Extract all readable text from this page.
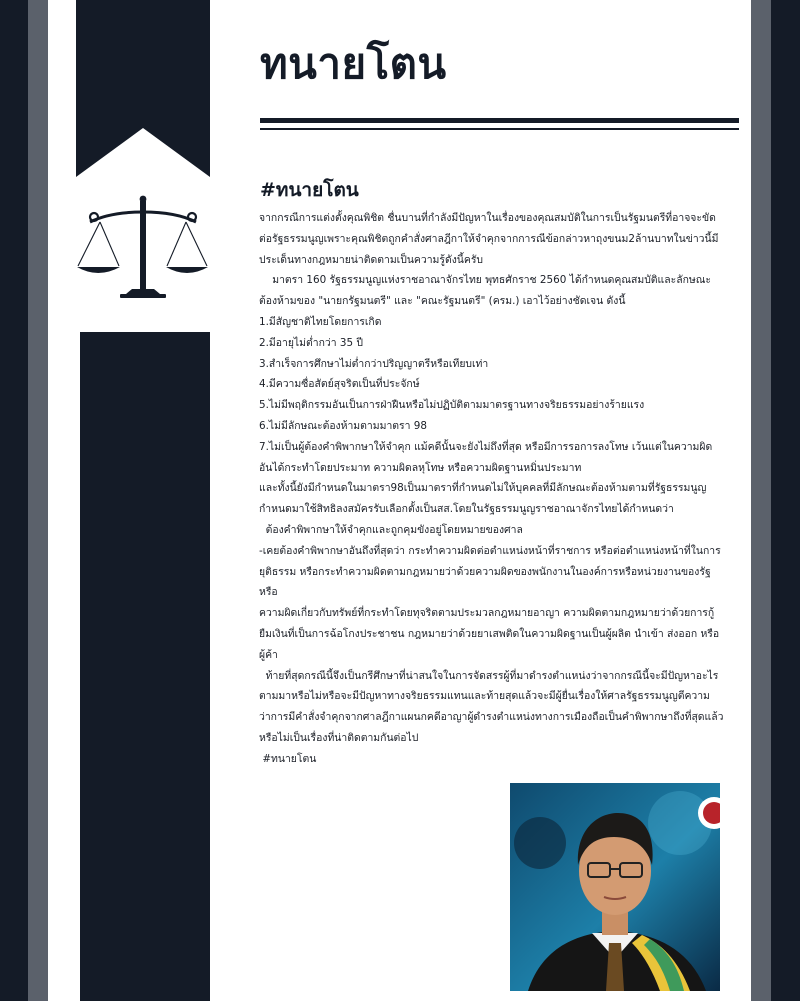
ทนายโตน
#ทนายโตน

จากกรณีการแต่งตั้งคุณพิชิต ชื่นบานที่กำลังมีปัญหาในเรื่องของคุณสมบัติในการเป็นรัฐมนตรีที่อาจจะขัดต่อรัฐธรรมนูญเพราะคุณพิชิตถูกคำสั่งศาลฎีกาให้จำคุกจากการณีข้อกล่าวหาถุงขนม2ล้านบาทในข่าวนี้มีประเด็นทางกฎหมายน่าติดตามเป็นความรู้ดังนี้ครับ

มาตรา 160 รัฐธรรมนูญแห่งราชอาณาจักรไทย พุทธศักราช 2560 ได้กำหนดคุณสมบัติและลักษณะต้องห้ามของ "นายกรัฐมนตรี" และ "คณะรัฐมนตรี" (ครม.) เอาไว้อย่างชัดเจน ดังนี้

1.มีสัญชาติไทยโดยการเกิด

2.มีอายุไม่ต่ำกว่า 35 ปี

3.สำเร็จการศึกษาไม่ต่ำกว่าปริญญาตรีหรือเทียบเท่า

4.มีความซื่อสัตย์สุจริตเป็นที่ประจักษ์

5.ไม่มีพฤติกรรมอันเป็นการฝ่าฝืนหรือไม่ปฏิบัติตามมาตรฐานทางจริยธรรมอย่างร้ายแรง

6.ไม่มีลักษณะต้องห้ามตามมาตรา 98

7.ไม่เป็นผู้ต้องคำพิพากษาให้จำคุก แม้คดีนั้นจะยังไม่ถึงที่สุด หรือมีการรอการลงโทษ เว้นแต่ในความผิดอันได้กระทำโดยประมาท ความผิดลหุโทษ หรือความผิดฐานหมิ่นประมาท

และทั้งนี้ยังมีกำหนดในมาตรา98เป็นมาตราที่กำหนดไม่ให้บุคคลที่มีลักษณะต้องห้ามตามที่รัฐธรรมนูญกำหนดมาใช้สิทธิลงสมัครรับเลือกตั้งเป็นสส.โดยในรัฐธรรมนูญราชอาณาจักรไทยได้กำหนดว่า

ต้องคำพิพากษาให้จำคุกและถูกคุมขังอยู่โดยหมายของศาล

-เคยต้องคำพิพากษาอันถึงที่สุดว่า กระทำความผิดต่อตำแหน่งหน้าที่ราชการ หรือต่อตำแหน่งหน้าที่ในการยุติธรรม หรือกระทำความผิดตามกฎหมายว่าด้วยความผิดของพนักงานในองค์การหรือหน่วยงานของรัฐ หรือ

ความผิดเกี่ยวกับทรัพย์ที่กระทำโดยทุจริตตามประมวลกฎหมายอาญา ความผิดตามกฎหมายว่าด้วยการกู้ยืมเงินที่เป็นการฉ้อโกงประชาชน กฎหมายว่าด้วยยาเสพติดในความผิดฐานเป็นผู้ผลิต นำเข้า ส่งออก หรือผู้ค้า

ท้ายที่สุดกรณีนี้จึงเป็นกรีศึกษาที่น่าสนใจในการจัดสรรผู้ที่มาดำรงตำแหน่งว่าจากกรณีนี้จะมีปัญหาอะไรตามมาหรือไม่หรือจะมีปัญหาทางจริยธรรมแทนและท้ายสุดแล้วจะมีผู้ยื่นเรื่องให้ศาลรัฐธรรมนูญตีความว่าการมีคำสั่งจำคุกจากศาลฎีกาแผนกคดีอาญาผู้ดำรงตำแหน่งทางการเมืองถือเป็นคำพิพากษาถึงที่สุดแล้วหรือไม่เป็นเรื่องที่น่าติดตามกันต่อไป

#ทนายโตน
